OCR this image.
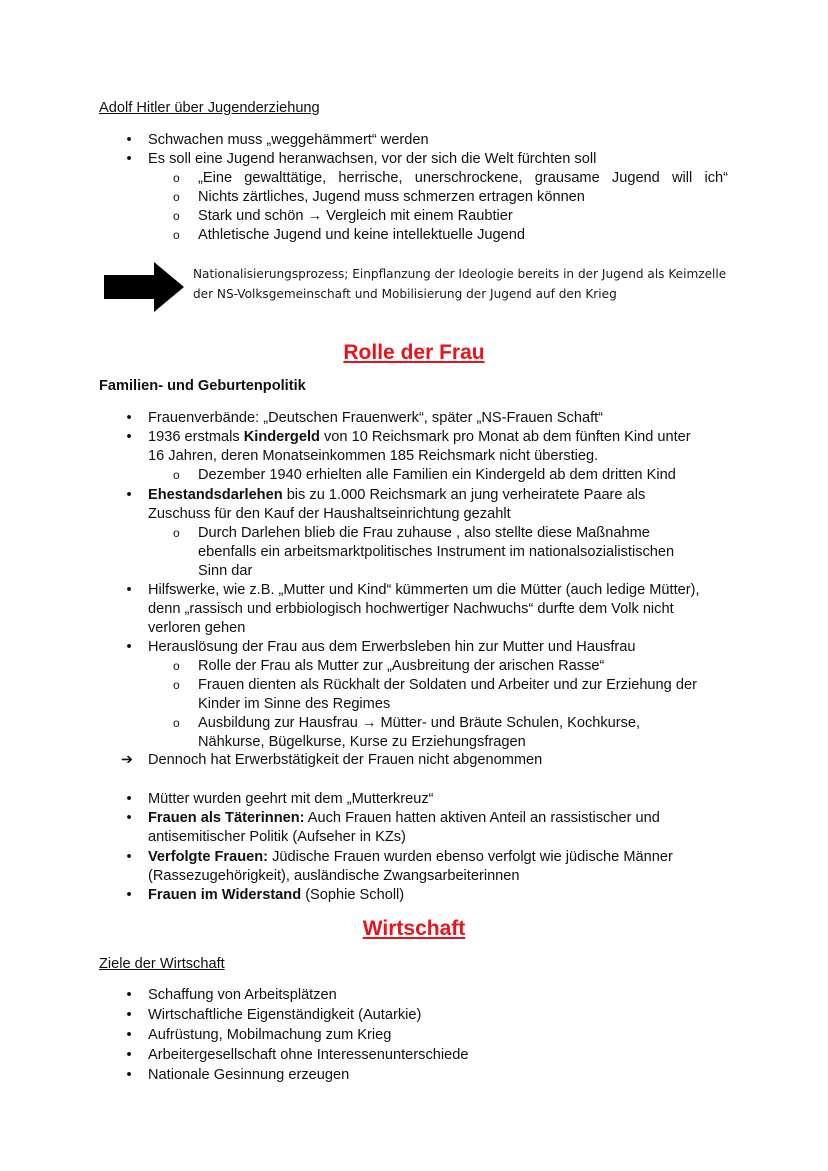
Adolf Hitler über Jugenderziehung
•	Schwachen muss „weggehämmert“ werden
•	Es soll eine Jugend heranwachsen, vor der sich die Welt fürchten soll
o „Eine gewalttätige, herrische, unerschrockene, grausame Jugend will ich“
o Nichts zärtliches, Jugend muss schmerzen ertragen können
o Stark und schön → Vergleich mit einem Raubtier
o Athletische Jugend und keine intellektuelle Jugend
Nationalisierungsprozess; Einpflanzung der Ideologie bereits in der Jugend als Keimzelle
der NS-Volksgemeinschaft und Mobilisierung der Jugend auf den Krieg
Rolle der Frau
Familien- und Geburtenpolitik
•	Frauenverbände: „Deutschen Frauenwerk“, später „NS-Frauen Schaft“
•	1936 erstmals Kindergeld von 10 Reichsmark pro Monat ab dem fünften Kind unter
16 Jahren, deren Monatseinkommen 185 Reichsmark nicht überstieg.
o Dezember 1940 erhielten alle Familien ein Kindergeld ab dem dritten Kind
•	Ehestandsdarlehen bis zu 1.000 Reichsmark an jung verheiratete Paare als
Zuschuss für den Kauf der Haushaltseinrichtung gezahlt
o Durch Darlehen blieb die Frau zuhause , also stellte diese Maßnahme
ebenfalls ein arbeitsmarktpolitisches Instrument im nationalsozialistischen
Sinn dar
•	Hilfswerke, wie z.B. „Mutter und Kind“ kümmerten um die Mütter (auch ledige Mütter),
denn „rassisch und erbbiologisch hochwertiger Nachwuchs“ durfte dem Volk nicht
verloren gehen
•	Herauslösung der Frau aus dem Erwerbsleben hin zur Mutter und Hausfrau
o Rolle der Frau als Mutter zur „Ausbreitung der arischen Rasse“
o Frauen dienten als Rückhalt der Soldaten und Arbeiter und zur Erziehung der
Kinder im Sinne des Regimes
o Ausbildung zur Hausfrau → Mütter- und Bräute Schulen, Kochkurse,
Nähkurse, Bügelkurse, Kurse zu Erziehungsfragen
➔ Dennoch hat Erwerbstätigkeit der Frauen nicht abgenommen
•	Mütter wurden geehrt mit dem „Mutterkreuz“
•	Frauen als Täterinnen: Auch Frauen hatten aktiven Anteil an rassistischer und
antisemitischer Politik (Aufseher in KZs)
•	Verfolgte Frauen: Jüdische Frauen wurden ebenso verfolgt wie jüdische Männer
(Rassezugehörigkeit), ausländische Zwangsarbeiterinnen
•	Frauen im Widerstand (Sophie Scholl)
Wirtschaft
Ziele der Wirtschaft
•	Schaffung von Arbeitsplätzen
•	Wirtschaftliche Eigenständigkeit (Autarkie)
•	Aufrüstung, Mobilmachung zum Krieg
•	Arbeitergesellschaft ohne Interessenunterschiede
•	Nationale Gesinnung erzeugen
